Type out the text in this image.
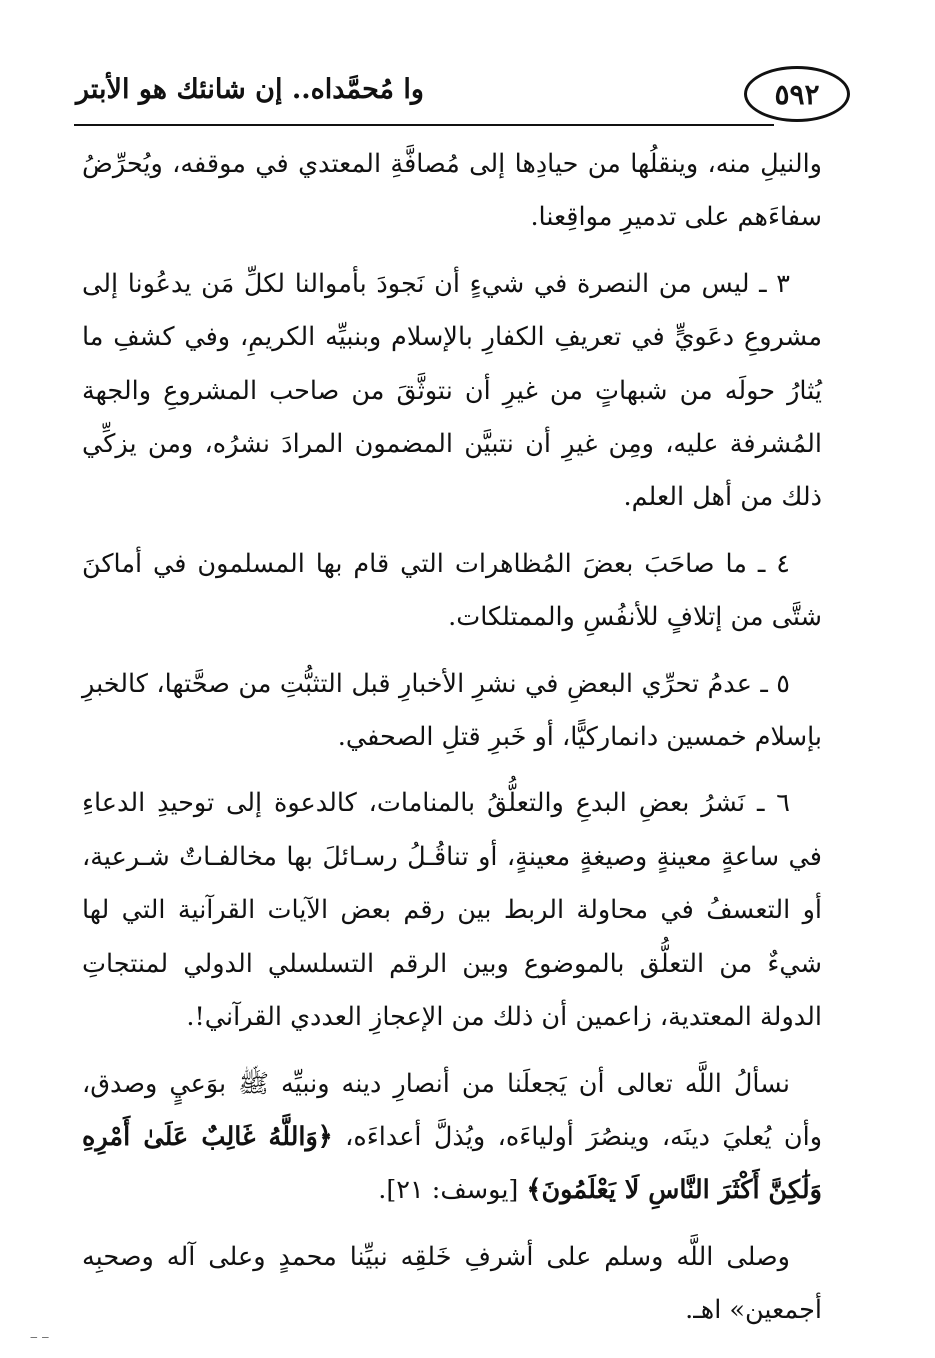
٥٩٢
وا مُحمَّداه.. إن شانئك هو الأبتر

والنيلِ منه، وينقلُها من حيادِها إلى مُصافَّةِ المعتدي في موقفه، ويُحرِّضُ سفاءَهم على تدميرِ مواقِعنا.

٣ ـ ليس من النصرة في شيءٍ أن نَجودَ بأموالنا لكلِّ مَن يدعُونا إلى مشروعِ دعَويٍّ في تعريفِ الكفارِ بالإسلام وبنبيِّه الكريمِ، وفي كشفِ ما يُثارُ حولَه من شبهاتٍ من غيرِ أن نتوثَّقَ من صاحب المشروعِ والجهة المُشرفة عليه، ومِن غيرِ أن نتبيَّن المضمون المرادَ نشرُه، ومن يزكِّي ذلك من أهل العلم.

٤ ـ ما صاحَبَ بعضَ المُظاهرات التي قام بها المسلمون في أماكنَ شتَّى من إتلافٍ للأنفُسِ والممتلكات.

٥ ـ عدمُ تحرِّي البعضِ في نشرِ الأخبارِ قبل التثبُّتِ من صحَّتها، كالخبرِ بإسلام خمسين دانماركيًّا، أو خَبرِ قتلِ الصحفي.

٦ ـ نَشرُ بعضِ البدعِ والتعلُّقُ بالمنامات، كالدعوة إلى توحيدِ الدعاءِ في ساعةٍ معينةٍ وصيغةٍ معينةٍ، أو تناقُـلُ رسـائلَ بها مخالفـاتٌ شـرعية، أو التعسفُ في محاولة الربط بين رقم بعض الآيات القرآنية التي لها شيءٌ من التعلُّق بالموضوع وبين الرقم التسلسلي الدولي لمنتجاتِ الدولة المعتدية، زاعمين أن ذلك من الإعجازِ العددي القرآني!.

نسألُ اللَّه تعالى أن يَجعلَنا من أنصارِ دينه ونبيِّه ﷺ بوَعيٍ وصدق، وأن يُعليَ دينَه، وينصُرَ أولياءَه، ويُذلَّ أعداءَه، ﴿وَاللَّهُ غَالِبٌ عَلَىٰ أَمْرِهِ وَلَٰكِنَّ أَكْثَرَ النَّاسِ لَا يَعْلَمُونَ﴾ [يوسف: ٢١].

وصلى اللَّه وسلم على أشرفِ خَلقِه نبيِّنا محمدٍ وعلى آله وصحبِه أجمعين» اهـ.

‒ ‒
